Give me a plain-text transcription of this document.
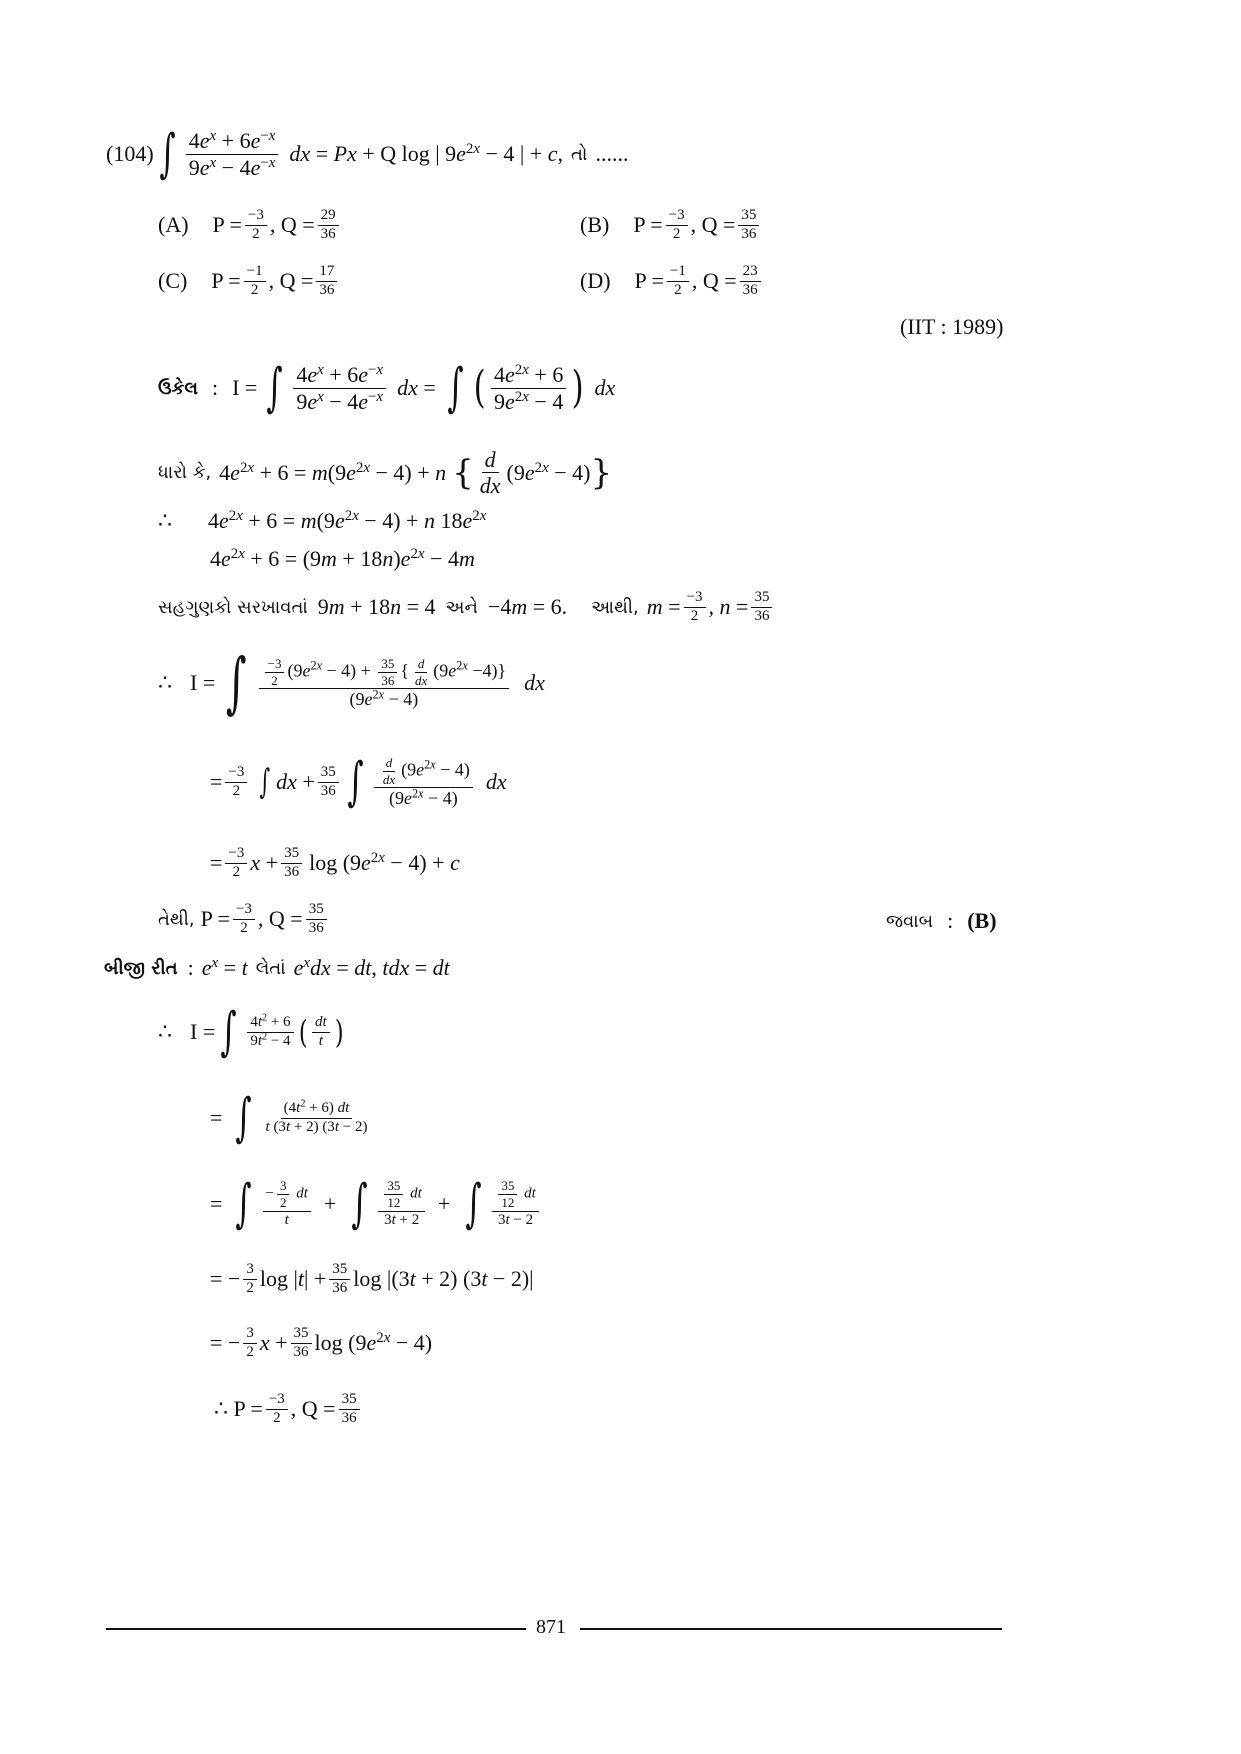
(104) ∫ $\frac{4e^x + 6e^{-x}}{9e^x - 4e^{-x}}$ dx = Px + Q log | $9e^{2x} - 4$ | + c, તો ......
(A) $P = \frac{-3}{2}$ , $Q = \frac{29}{36}$	(B) $P = \frac{-3}{2}$ , $Q = \frac{35}{36}$
(C) $P = \frac{-1}{2}$ , $Q = \frac{17}{36}$	(D) $P = \frac{-1}{2}$ , $Q = \frac{23}{36}$
(IIT : 1989)
ઉકેલ : I = ∫ $\frac{4e^x + 6e^{-x}}{9e^x - 4e^{-x}}$ dx = ∫ ( $\frac{4e^{2x} + 6}{9e^{2x} - 4}$ ) dx
ધારો કે, $4e^{2x} + 6 = m(9e^{2x} - 4) + n$ { $\frac{d}{dx} (9e^{2x} - 4)$ }
∴ $4e^{2x} + 6 = m(9e^{2x} - 4) + n$ $18e^{2x}$
$4e^{2x} + 6 = (9m + 18n)e^{2x} - 4m$
સહગુણકો સરખાવતાં 9m + 18n = 4 અને −4m = 6. આથી, $m = \frac{-3}{2}$ , $n = \frac{35}{36}$
∴ I = ∫ $\frac{\frac{-3}{2} (9e^{2x} - 4) + \frac{35}{36} \{ \frac{d}{dx} (9e^{2x} -4)\}}{(9e^{2x} - 4)}$ dx
= $\frac{-3}{2}$ ∫ dx + $\frac{35}{36}$ ∫ $\frac{\frac{d}{dx} (9e^{2x} - 4)}{(9e^{2x} - 4)}$ dx
= $\frac{-3}{2}$ $x + \frac{35}{36}$ $\log (9e^{2x} - 4) + c$
તેથી, $P = \frac{-3}{2}$ , $Q = \frac{35}{36}$	જવાબ : (B)
બીજી રીત : $e^x = t$ લેતાં $e^xdx$ = dt, tdx = dt
∴ I = ∫ $\frac{4t^2 + 6}{9t^2 - 4}$ ( $\frac{dt}{t}$ )
= ∫ $\frac{(4t^2 + 6) dt}{t (3t + 2) (3t - 2)}$
= ∫ $\frac{- \frac{3}{2} dt}{t}$ + ∫ $\frac{\frac{35}{12} dt}{3t + 2}$ + ∫ $\frac{\frac{35}{12} dt}{3t - 2}$
= − $\frac{3}{2}$ $\log |t| + \frac{35}{36}$ log |(3t + 2) (3t − 2)|
= − $\frac{3}{2}$ $x + \frac{35}{36}$ $\log (9e^{2x} - 4)$
∴ $P = \frac{-3}{2}$ , $Q = \frac{35}{36}$
871
